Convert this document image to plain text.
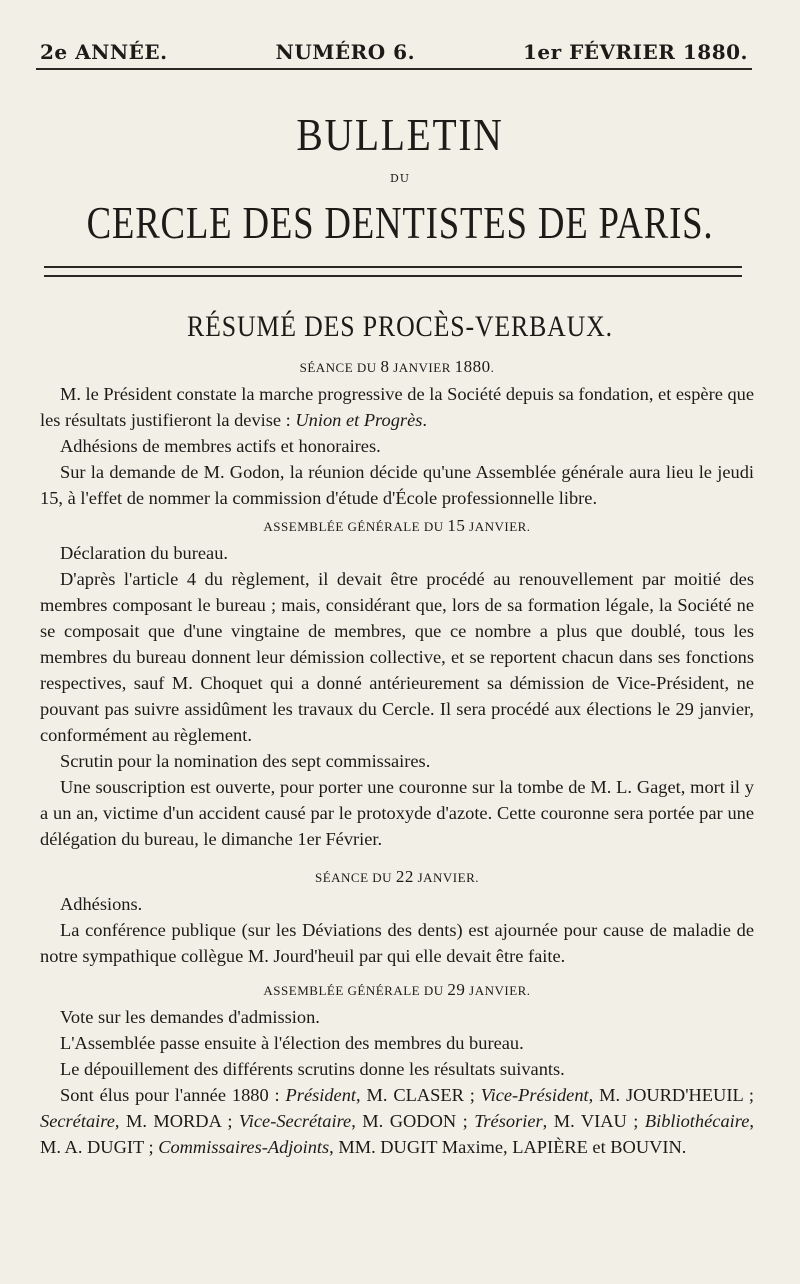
2e ANNÉE.	NUMÉRO 6.	1er FÉVRIER 1880.
BULLETIN
DU
CERCLE DES DENTISTES DE PARIS.
RÉSUMÉ DES PROCÈS-VERBAUX.
SÉANCE DU 8 JANVIER 1880.

M. le Président constate la marche progressive de la Société depuis sa fondation, et espère que les résultats justifieront la devise : Union et Progrès.

Adhésions de membres actifs et honoraires.

Sur la demande de M. Godon, la réunion décide qu'une Assemblée générale aura lieu le jeudi 15, à l'effet de nommer la commission d'étude d'École professionnelle libre.

ASSEMBLÉE GÉNÉRALE DU 15 JANVIER.

Déclaration du bureau.

D'après l'article 4 du règlement, il devait être procédé au renouvellement par moitié des membres composant le bureau ; mais, considérant que, lors de sa formation légale, la Société ne se composait que d'une vingtaine de membres, que ce nombre a plus que doublé, tous les membres du bureau donnent leur démission collective, et se reportent chacun dans ses fonctions respectives, sauf M. Choquet qui a donné antérieurement sa démission de Vice-Président, ne pouvant pas suivre assidûment les travaux du Cercle. Il sera procédé aux élections le 29 janvier, conformément au règlement.

Scrutin pour la nomination des sept commissaires.

Une souscription est ouverte, pour porter une couronne sur la tombe de M. L. Gaget, mort il y a un an, victime d'un accident causé par le protoxyde d'azote. Cette couronne sera portée par une délégation du bureau, le dimanche 1er Février.

SÉANCE DU 22 JANVIER.

Adhésions.

La conférence publique (sur les Déviations des dents) est ajournée pour cause de maladie de notre sympathique collègue M. Jourd'heuil par qui elle devait être faite.

ASSEMBLÉE GÉNÉRALE DU 29 JANVIER.

Vote sur les demandes d'admission.

L'Assemblée passe ensuite à l'élection des membres du bureau.

Le dépouillement des différents scrutins donne les résultats suivants.

Sont élus pour l'année 1880 : Président, M. CLASER ; Vice-Président, M. JOURD'HEUIL ; Secrétaire, M. MORDA ; Vice-Secrétaire, M. GODON ; Trésorier, M. VIAU ; Bibliothécaire, M. A. DUGIT ; Commissaires-Adjoints, MM. DUGIT Maxime, LAPIÈRE et BOUVIN.
